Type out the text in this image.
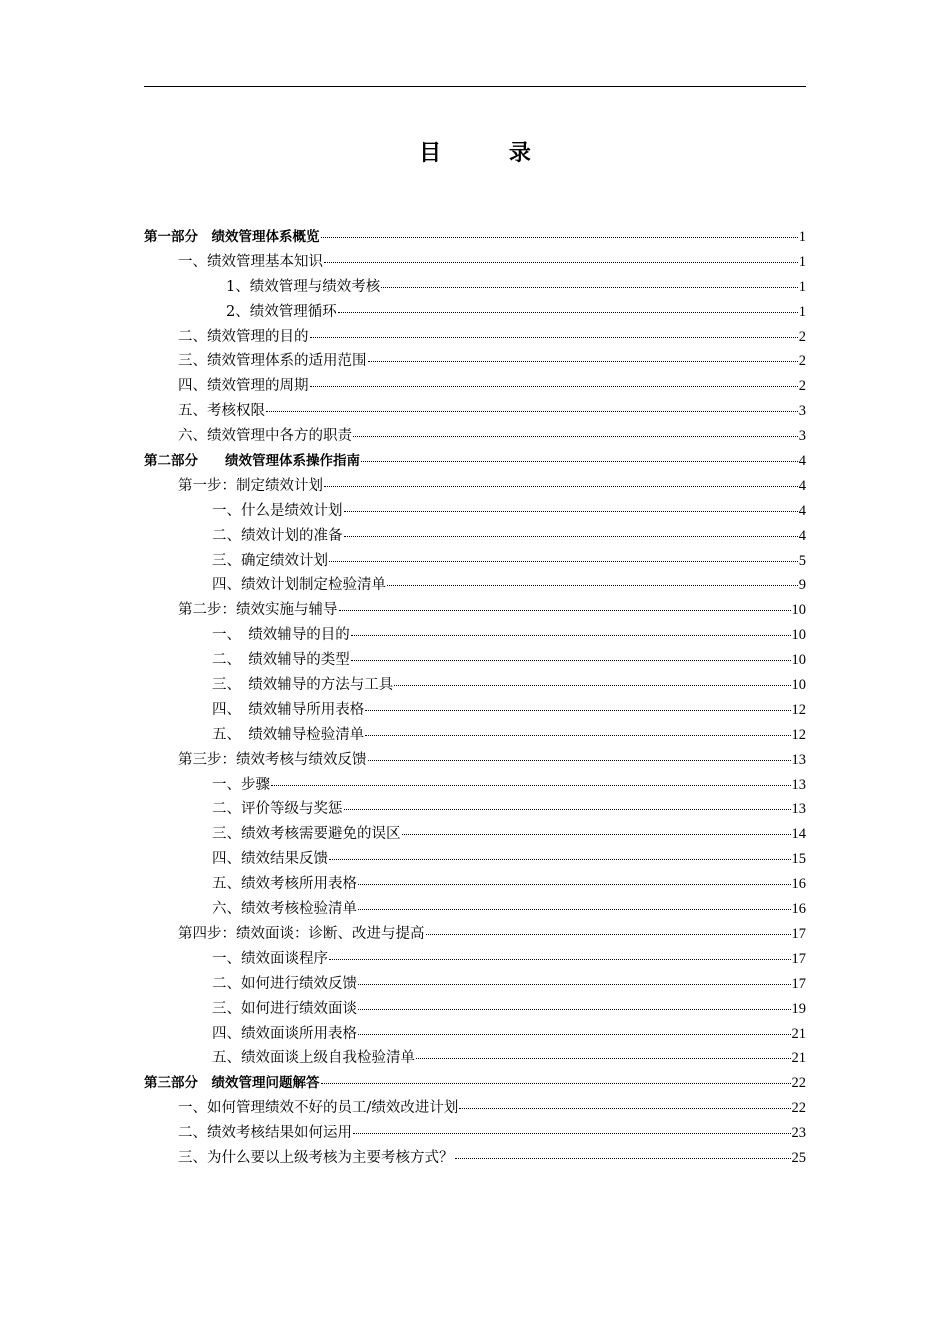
目 录
第一部分　绩效管理体系概览	1
一、绩效管理基本知识	1
1、绩效管理与绩效考核	1
2、绩效管理循环	1
二、绩效管理的目的	2
三、绩效管理体系的适用范围	2
四、绩效管理的周期	2
五、考核权限	3
六、绩效管理中各方的职责	3
第二部分　　绩效管理体系操作指南	4
第一步：制定绩效计划	4
一、什么是绩效计划	4
二、绩效计划的准备	4
三、确定绩效计划	5
四、绩效计划制定检验清单	9
第二步：绩效实施与辅导	10
一、　绩效辅导的目的	10
二、　绩效辅导的类型	10
三、　绩效辅导的方法与工具	10
四、　绩效辅导所用表格	12
五、　绩效辅导检验清单	12
第三步：绩效考核与绩效反馈	13
一、步骤	13
二、评价等级与奖惩	13
三、绩效考核需要避免的误区	14
四、绩效结果反馈	15
五、绩效考核所用表格	16
六、绩效考核检验清单	16
第四步：绩效面谈：诊断、改进与提高	17
一、绩效面谈程序	17
二、如何进行绩效反馈	17
三、如何进行绩效面谈	19
四、绩效面谈所用表格	21
五、绩效面谈上级自我检验清单	21
第三部分　绩效管理问题解答	22
一、如何管理绩效不好的员工/绩效改进计划	22
二、绩效考核结果如何运用	23
三、为什么要以上级考核为主要考核方式？	25
